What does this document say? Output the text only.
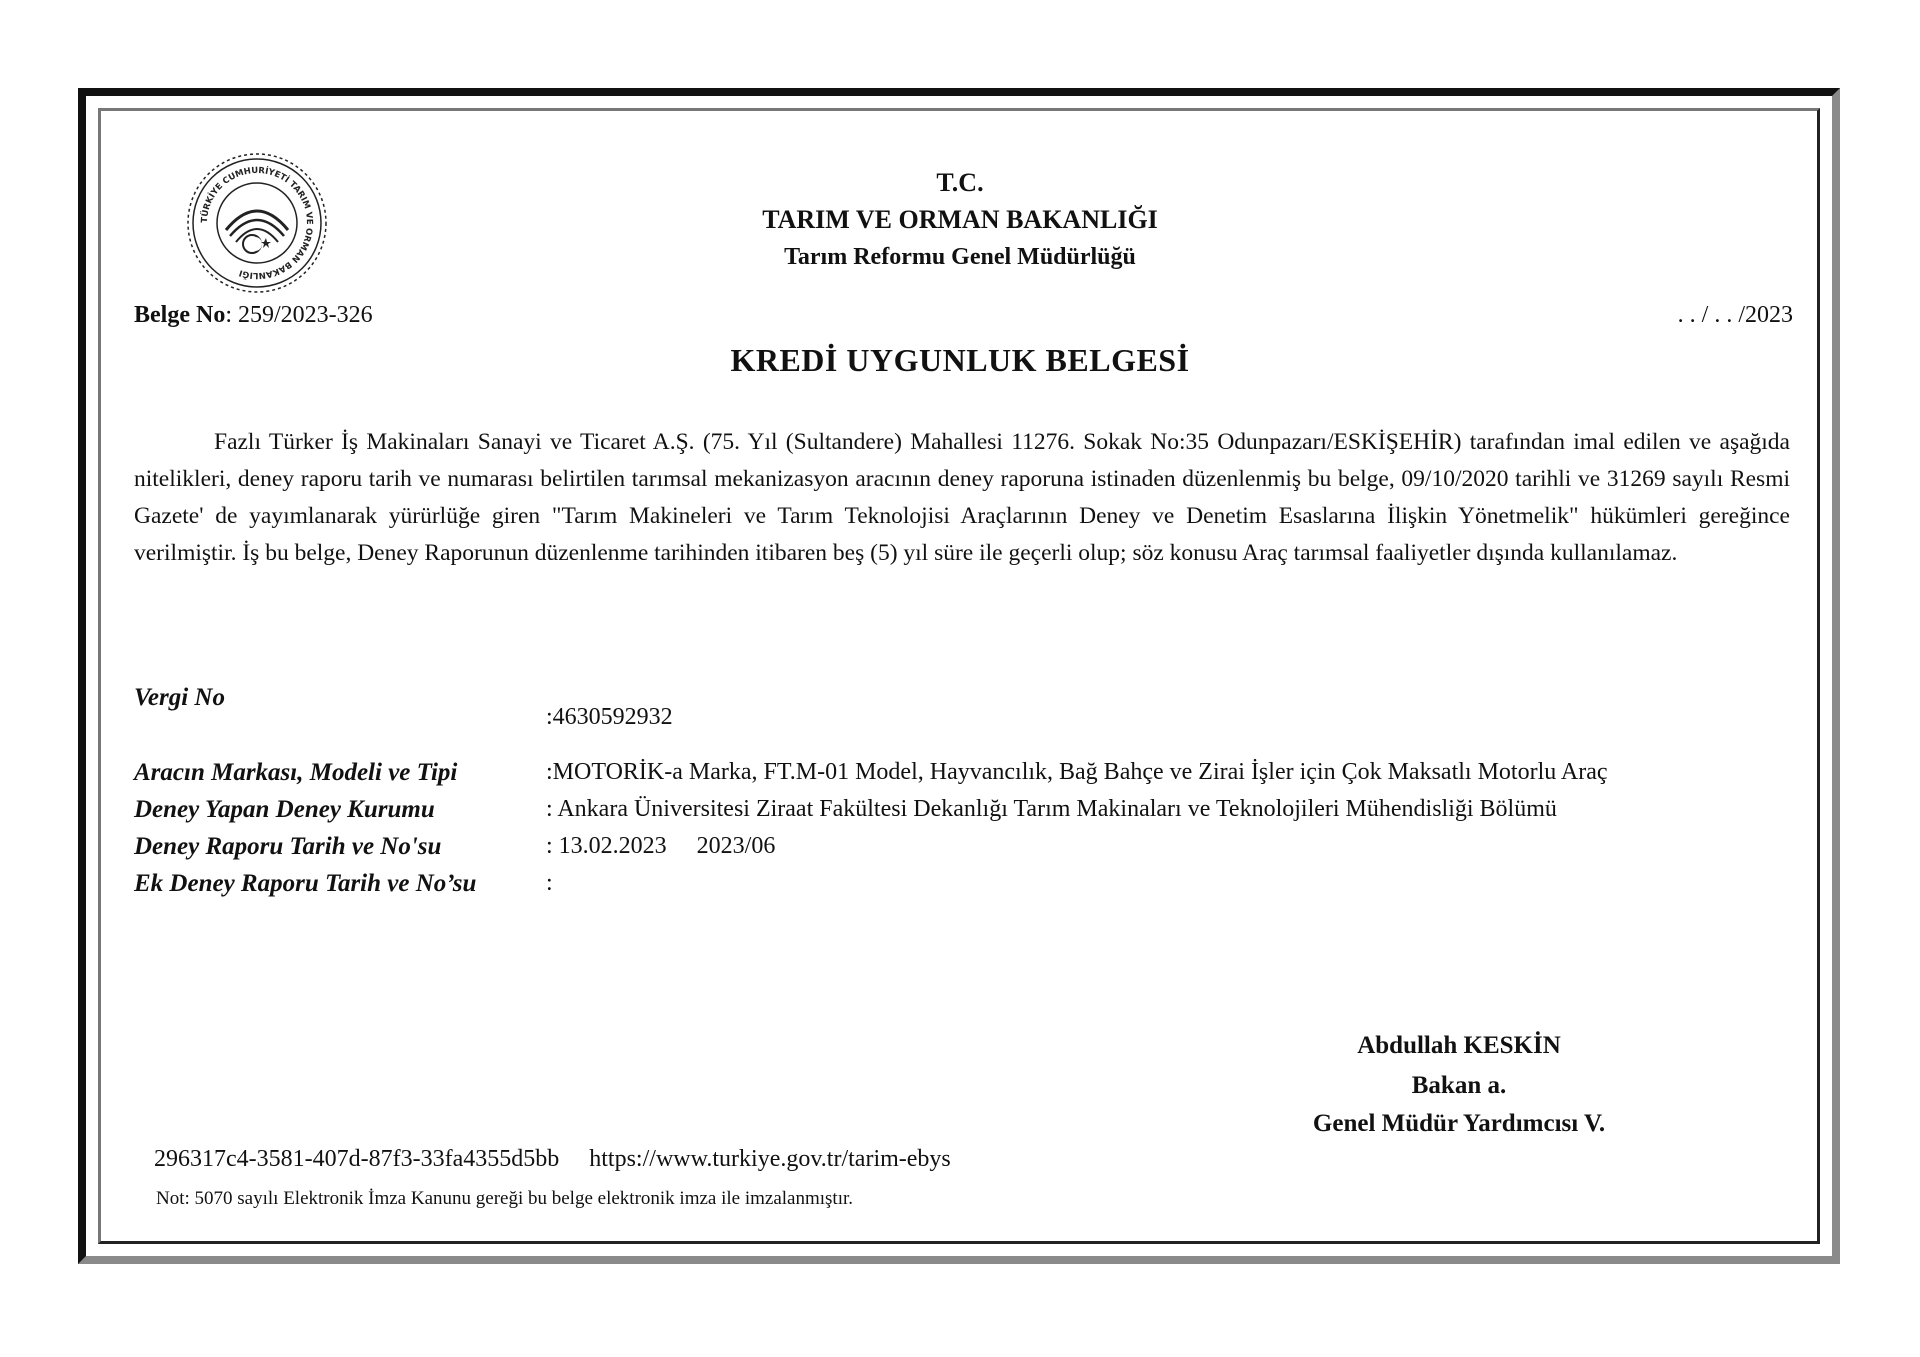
TÜRKİYE CUMHURİYETİ TARIM VE ORMAN BAKANLIĞI
T.C.
TARIM VE ORMAN BAKANLIĞI
Tarım Reformu Genel Müdürlüğü
Belge No: 259/2023-326	. . / . . /2023
KREDİ UYGUNLUK BELGESİ
Fazlı Türker İş Makinaları Sanayi ve Ticaret A.Ş. (75. Yıl (Sultandere) Mahallesi 11276. Sokak No:35 Odunpazarı/ESKİŞEHİR) tarafından imal edilen ve aşağıda nitelikleri, deney raporu tarih ve numarası belirtilen tarımsal mekanizasyon aracının deney raporuna istinaden düzenlenmiş bu belge, 09/10/2020 tarihli ve 31269 sayılı Resmi Gazete' de yayımlanarak yürürlüğe giren "Tarım Makineleri ve Tarım Teknolojisi Araçlarının Deney ve Denetim Esaslarına İlişkin Yönetmelik" hükümleri gereğince verilmiştir. İş bu belge, Deney Raporunun düzenlenme tarihinden itibaren beş (5) yıl süre ile geçerli olup; söz konusu Araç tarımsal faaliyetler dışında kullanılamaz.
Vergi No
:4630592932
Aracın Markası, Modeli ve Tipi	:MOTORİK-a Marka, FT.M-01 Model, Hayvancılık, Bağ Bahçe ve Zirai İşler için Çok Maksatlı Motorlu Araç
Deney Yapan Deney Kurumu	: Ankara Üniversitesi Ziraat Fakültesi Dekanlığı Tarım Makinaları ve Teknolojileri Mühendisliği Bölümü
Deney Raporu Tarih ve No'su	: 13.02.2023     2023/06
Ek Deney Raporu Tarih ve No’su	:
Abdullah KESKİN
Bakan a.
Genel Müdür Yardımcısı V.
296317c4-3581-407d-87f3-33fa4355d5bb     https://www.turkiye.gov.tr/tarim-ebys
Not: 5070 sayılı Elektronik İmza Kanunu gereği bu belge elektronik imza ile imzalanmıştır.
